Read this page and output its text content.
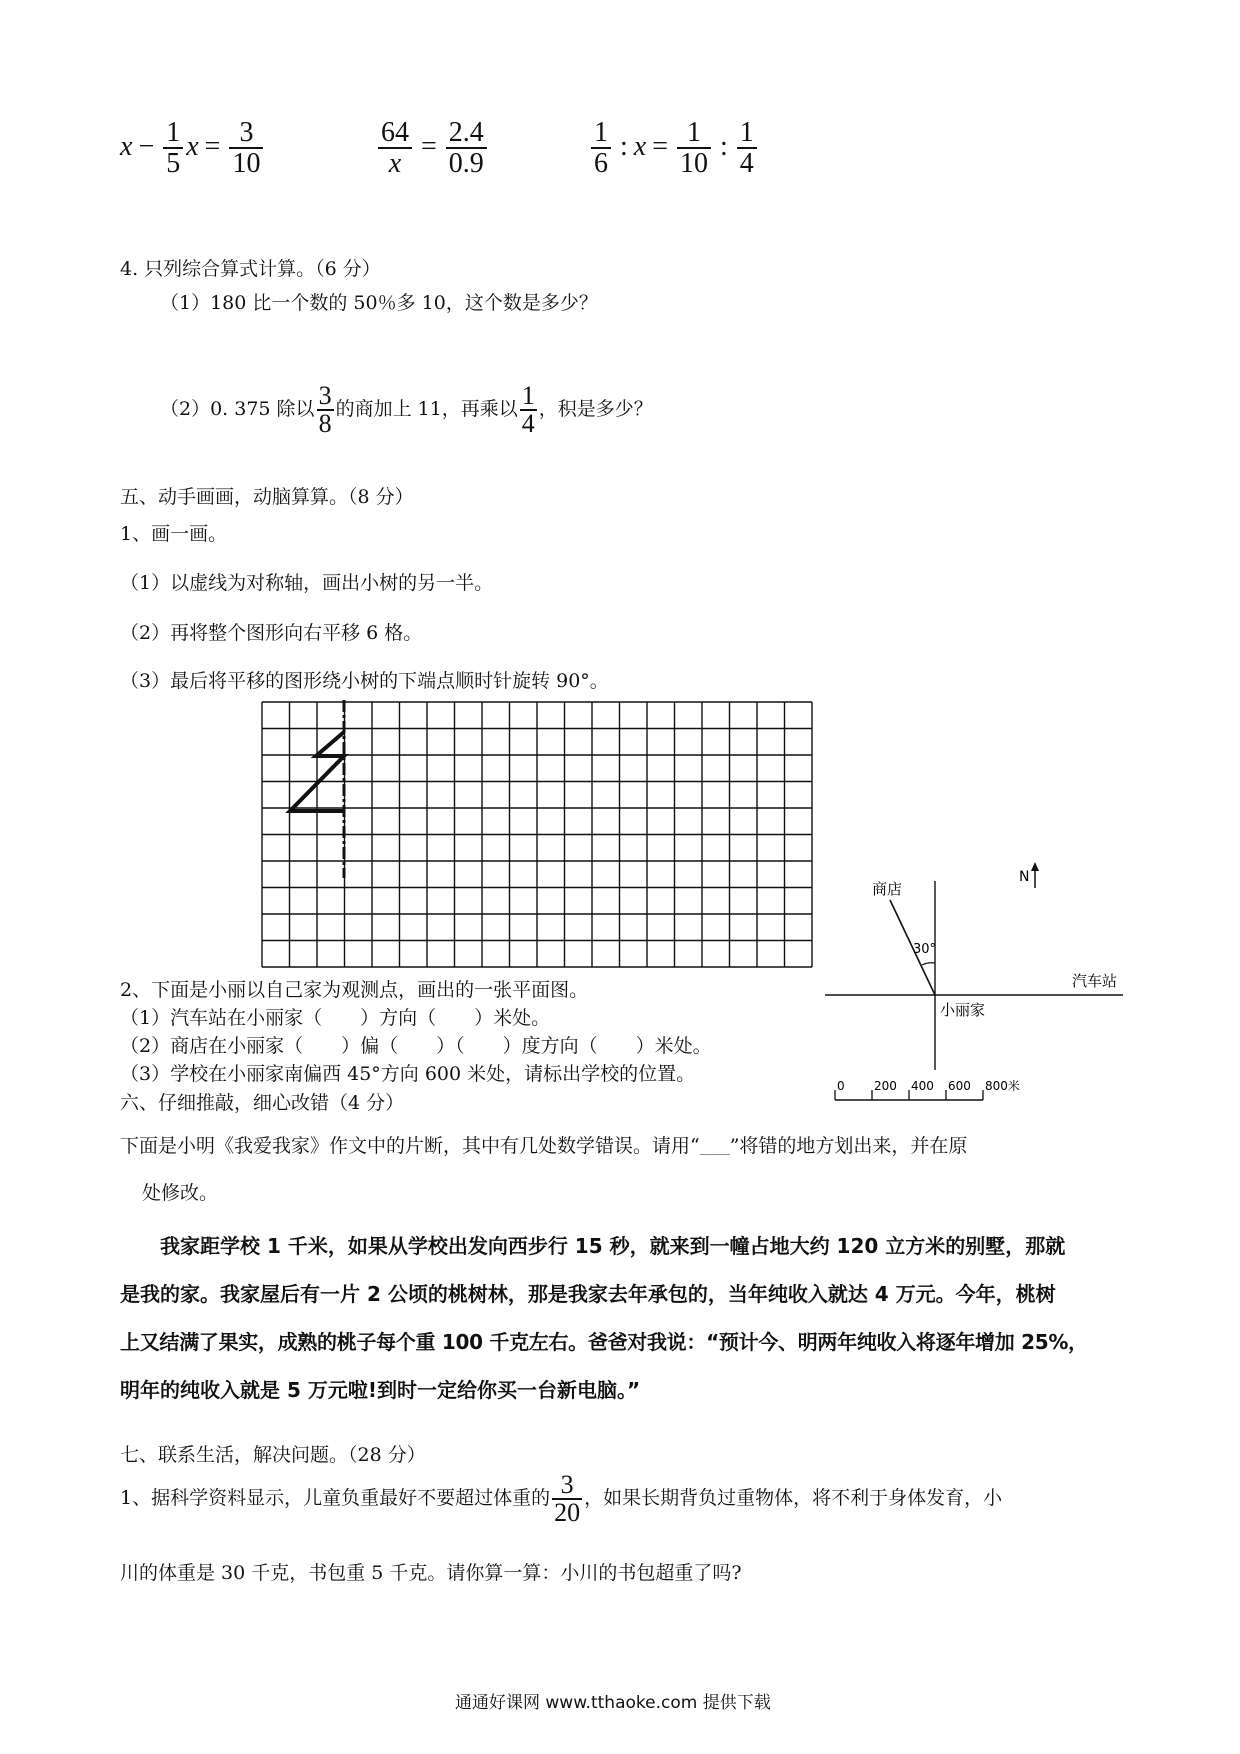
$x - \frac{1}{5}$ $x = \frac{3}{10}$	$\frac{64}{x} = \frac{2.4}{0.9}$	$\frac{1}{6}$ : $x = \frac{1}{10}$ : $\frac{1}{4}$
4. 只列综合算式计算。（6 分）
（1）180 比一个数的 50％多 10，这个数是多少？
（2）0. 375 除以 $\frac{3}{8}$ 的商加上 11，再乘以 $\frac{1}{4}$ ，积是多少？
五、动手画画，动脑算算。（8 分）
1、画一画。
（1）以虚线为对称轴，画出小树的另一半。
（2）再将整个图形向右平移 6 格。
（3）最后将平移的图形绕小树的下端点顺时针旋转 90°。
N
商店
30°
汽车站
小丽家
0 200 400 600 800米
2、下面是小丽以自己家为观测点，画出的一张平面图。
（1）汽车站在小丽家（　　）方向（　　）米处。
（2）商店在小丽家（　　）偏（　　）（　　）度方向（　　）米处。
（3）学校在小丽家南偏西 45°方向 600 米处，请标出学校的位置。
六、仔细推敲，细心改错（4 分）
下面是小明《我爱我家》作文中的片断，其中有几处数学错误。请用“_____”将错的地方划出来，并在原
处修改。
我家距学校 1 千米，如果从学校出发向西步行 15 秒，就来到一幢占地大约 120 立方米的别墅，那就
是我的家。我家屋后有一片 2 公顷的桃树林，那是我家去年承包的，当年纯收入就达 4 万元。今年，桃树
上又结满了果实，成熟的桃子每个重 100 千克左右。爸爸对我说：“预计今、明两年纯收入将逐年增加 25%，
明年的纯收入就是 5 万元啦!到时一定给你买一台新电脑。”
七、联系生活，解决问题。（28 分）
1、据科学资料显示，儿童负重最好不要超过体重的 $\frac{3}{20}$ ，如果长期背负过重物体，将不利于身体发育，小
川的体重是 30 千克，书包重 5 千克。请你算一算：小川的书包超重了吗?
通通好课网 www.tthaoke.com 提供下载
